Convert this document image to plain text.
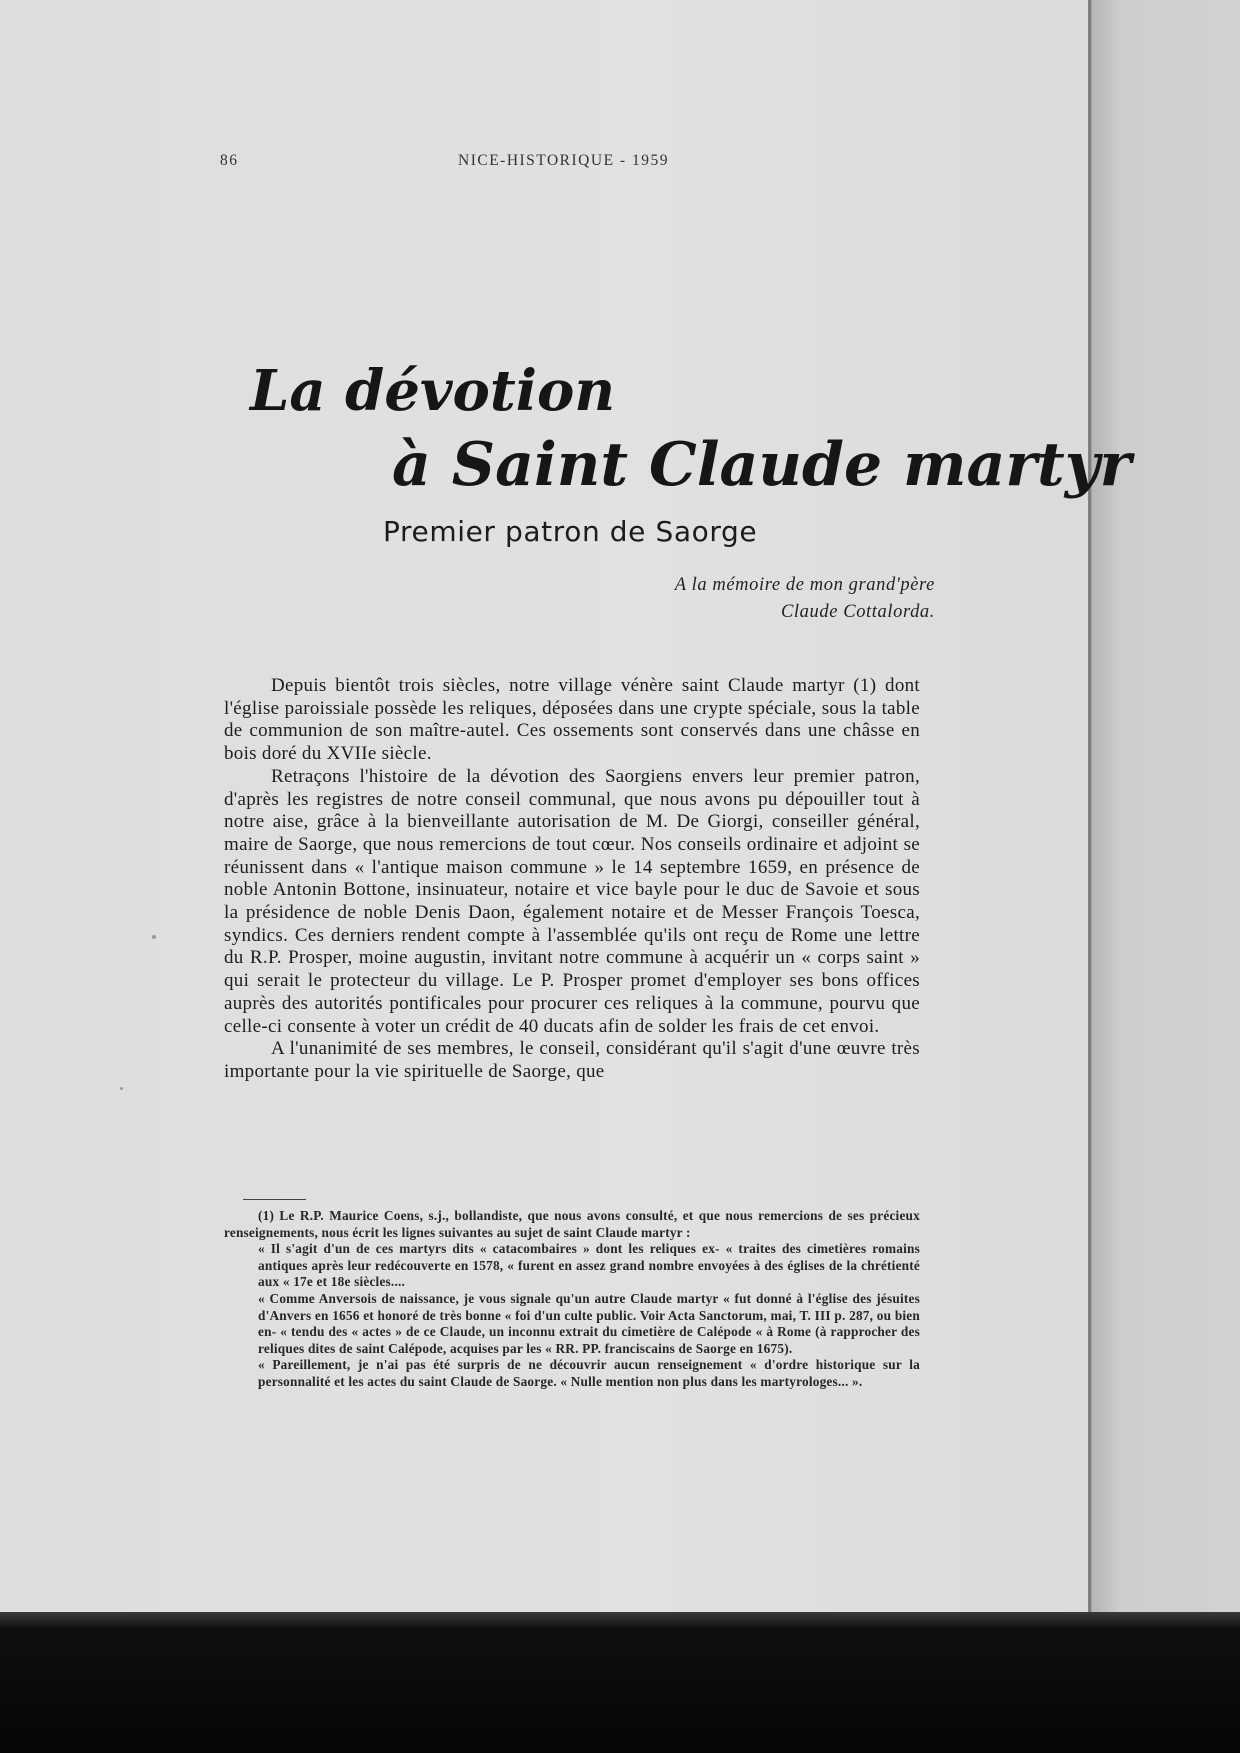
86	NICE-HISTORIQUE - 1959
La dévotion
à Saint Claude martyr
Premier patron de Saorge
A la mémoire de mon grand'père
Claude Cottalorda.

Depuis bientôt trois siècles, notre village vénère saint Claude martyr (1) dont l'église paroissiale possède les reliques, déposées dans une crypte spéciale, sous la table de communion de son maître-autel. Ces ossements sont conservés dans une châsse en bois doré du XVIIe siècle.

Retraçons l'histoire de la dévotion des Saorgiens envers leur premier patron, d'après les registres de notre conseil communal, que nous avons pu dépouiller tout à notre aise, grâce à la bienveillante autorisation de M. De Giorgi, conseiller général, maire de Saorge, que nous remercions de tout cœur. Nos conseils ordinaire et adjoint se réunissent dans « l'antique maison commune » le 14 septembre 1659, en présence de noble Antonin Bottone, insinuateur, notaire et vice bayle pour le duc de Savoie et sous la présidence de noble Denis Daon, également notaire et de Messer François Toesca, syndics. Ces derniers rendent compte à l'assemblée qu'ils ont reçu de Rome une lettre du R.P. Prosper, moine augustin, invitant notre commune à acquérir un « corps saint » qui serait le protecteur du village. Le P. Prosper promet d'employer ses bons offices auprès des autorités pontificales pour procurer ces reliques à la commune, pourvu que celle-ci consente à voter un crédit de 40 ducats afin de solder les frais de cet envoi.

A l'unanimité de ses membres, le conseil, considérant qu'il s'agit d'une œuvre très importante pour la vie spirituelle de Saorge, que

(1) Le R.P. Maurice Coens, s.j., bollandiste, que nous avons consulté, et que nous remercions de ses précieux renseignements, nous écrit les lignes suivantes au sujet de saint Claude martyr :

« Il s'agit d'un de ces martyrs dits « catacombaires » dont les reliques ex- « traites des cimetières romains antiques après leur redécouverte en 1578, « furent en assez grand nombre envoyées à des églises de la chrétienté aux « 17e et 18e siècles....

« Comme Anversois de naissance, je vous signale qu'un autre Claude martyr « fut donné à l'église des jésuites d'Anvers en 1656 et honoré de très bonne « foi d'un culte public. Voir Acta Sanctorum, mai, T. III p. 287, ou bien en- « tendu des « actes » de ce Claude, un inconnu extrait du cimetière de Calépode « à Rome (à rapprocher des reliques dites de saint Calépode, acquises par les « RR. PP. franciscains de Saorge en 1675).

« Pareillement, je n'ai pas été surpris de ne découvrir aucun renseignement « d'ordre historique sur la personnalité et les actes du saint Claude de Saorge. « Nulle mention non plus dans les martyrologes... ».
